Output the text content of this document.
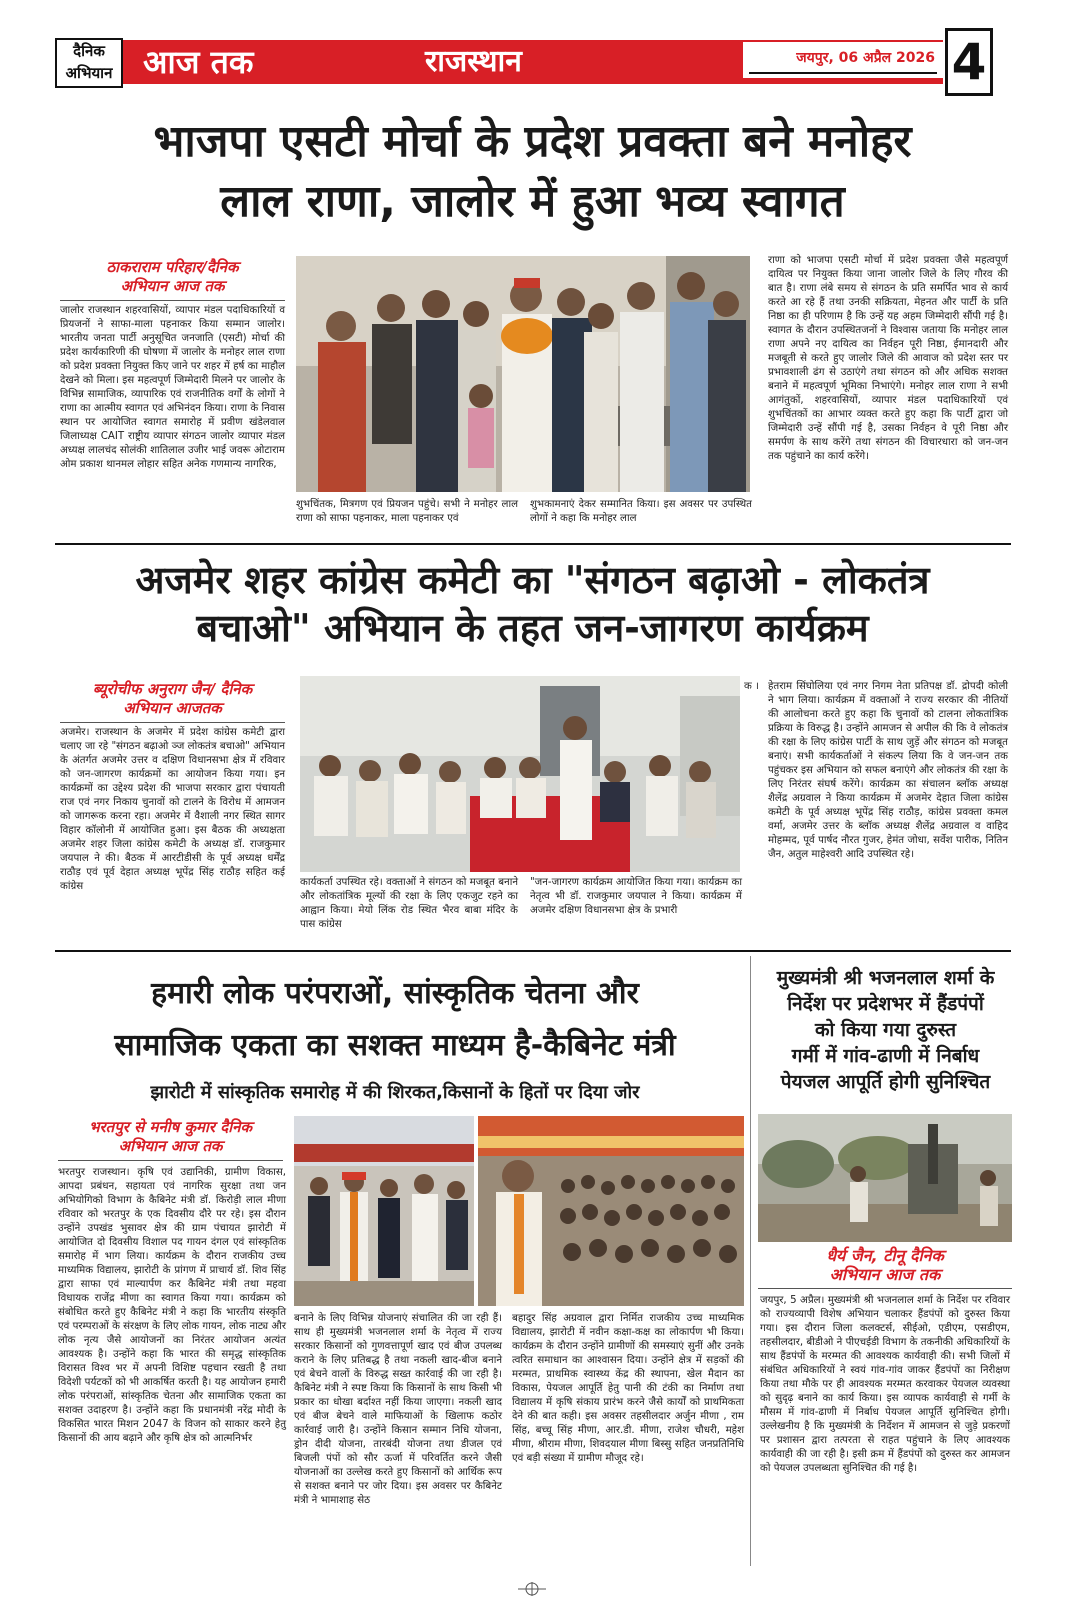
दैनिक
अभियान आज तक	राजस्थान	जयपुर, 06 अप्रैल 2026 4
भाजपा एसटी मोर्चा के प्रदेश प्रवक्ता बने मनोहर
लाल राणा, जालोर में हुआ भव्य स्वागत
ठाकराराम परिहार/दैनिक
अभियान आज तक
जालोर राजस्थान शहरवासियों, व्यापार मंडल पदाधिकारियों व प्रियजनों ने साफा-माला पहनाकर किया सम्मान जालोर। भारतीय जनता पार्टी अनुसूचित जनजाति (एसटी) मोर्चा की प्रदेश कार्यकारिणी की घोषणा में जालोर के मनोहर लाल राणा को प्रदेश प्रवक्ता नियुक्त किए जाने पर शहर में हर्ष का माहौल देखने को मिला। इस महत्वपूर्ण जिम्मेदारी मिलने पर जालोर के विभिन्न सामाजिक, व्यापारिक एवं राजनीतिक वर्गों के लोगों ने राणा का आत्मीय स्वागत एवं अभिनंदन किया। राणा के निवास स्थान पर आयोजित स्वागत समारोह में प्रवीण खंडेलवाल जिलाध्यक्ष CAIT राष्ट्रीय व्यापार संगठन जालोर व्यापार मंडल अध्यक्ष लालचंद सोलंकी शातिलाल उजीर भाई जवरू ओटाराम ओम प्रकाश थानमल लोहार सहित अनेक गणमान्य नागरिक,
शुभचिंतक, मित्रगण एवं प्रियजन पहुंचे। सभी ने मनोहर लाल राणा को साफा पहनाकर, माला पहनाकर एवं
शुभकामनाएं देकर सम्मानित किया। इस अवसर पर उपस्थित लोगों ने कहा कि मनोहर लाल
राणा को भाजपा एसटी मोर्चा में प्रदेश प्रवक्ता जैसे महत्वपूर्ण दायित्व पर नियुक्त किया जाना जालोर जिले के लिए गौरव की बात है। राणा लंबे समय से संगठन के प्रति समर्पित भाव से कार्य करते आ रहे हैं तथा उनकी सक्रियता, मेहनत और पार्टी के प्रति निष्ठा का ही परिणाम है कि उन्हें यह अहम जिम्मेदारी सौंपी गई है। स्वागत के दौरान उपस्थितजनों ने विश्वास जताया कि मनोहर लाल राणा अपने नए दायित्व का निर्वहन पूरी निष्ठा, ईमानदारी और मजबूती से करते हुए जालोर जिले की आवाज को प्रदेश स्तर पर प्रभावशाली ढंग से उठाएंगे तथा संगठन को और अधिक सशक्त बनाने में महत्वपूर्ण भूमिका निभाएंगे। मनोहर लाल राणा ने सभी आगंतुकों, शहरवासियों, व्यापार मंडल पदाधिकारियों एवं शुभचिंतकों का आभार व्यक्त करते हुए कहा कि पार्टी द्वारा जो जिम्मेदारी उन्हें सौंपी गई है, उसका निर्वहन वे पूरी निष्ठा और समर्पण के साथ करेंगे तथा संगठन की विचारधारा को जन-जन तक पहुंचाने का कार्य करेंगे।
अजमेर शहर कांग्रेस कमेटी का "संगठन बढ़ाओ - लोकतंत्र
बचाओ" अभियान के तहत जन-जागरण कार्यक्रम
ब्यूरोचीफ अनुराग जैन/ दैनिक
अभियान आजतक
अजमेर। राजस्थान के अजमेर में प्रदेश कांग्रेस कमेटी द्वारा चलाए जा रहे "संगठन बढ़ाओ ञ्ज लोकतंत्र बचाओ" अभियान के अंतर्गत अजमेर उत्तर व दक्षिण विधानसभा क्षेत्र में रविवार को जन-जागरण कार्यक्रमों का आयोजन किया गया। इन कार्यक्रमों का उद्देश्य प्रदेश की भाजपा सरकार द्वारा पंचायती राज एवं नगर निकाय चुनावों को टालने के विरोध में आमजन को जागरूक करना रहा। अजमेर में वैशाली नगर स्थित सागर विहार कॉलोनी में आयोजित हुआ। इस बैठक की अध्यक्षता अजमेर शहर जिला कांग्रेस कमेटी के अध्यक्ष डॉ. राजकुमार जयपाल ने की। बैठक में आरटीडीसी के पूर्व अध्यक्ष धर्मेंद्र राठौड़ एवं पूर्व देहात अध्यक्ष भूपेंद्र सिंह राठौड़ सहित कई कांग्रेस	कार्यकर्ता उपस्थित रहे। वक्ताओं ने संगठन को मजबूत बनाने और लोकतांत्रिक मूल्यों की रक्षा के लिए एकजुट रहने का आह्वान किया। मेयो लिंक रोड स्थित भैरव बाबा मंदिर के पास कांग्रेस
"जन-जागरण कार्यक्रम आयोजित किया गया। कार्यक्रम का नेतृत्व भी डॉ. राजकुमार जयपाल ने किया। कार्यक्रम में अजमेर दक्षिण विधानसभा क्षेत्र के प्रभारी
क । हेतराम सिंघोलिया एवं नगर निगम नेता प्रतिपक्ष डॉ. द्रोपदी कोली ने भाग लिया। कार्यक्रम में वक्ताओं ने राज्य सरकार की नीतियों की आलोचना करते हुए कहा कि चुनावों को टालना लोकतांत्रिक प्रक्रिया के विरुद्ध है। उन्होंने आमजन से अपील की कि वे लोकतंत्र की रक्षा के लिए कांग्रेस पार्टी के साथ जुड़ें और संगठन को मजबूत बनाएं। सभी कार्यकर्ताओं ने संकल्प लिया कि वे जन-जन तक पहुंचकर इस अभियान को सफल बनाएंगे और लोकतंत्र की रक्षा के लिए निरंतर संघर्ष करेंगे। कार्यक्रम का संचालन ब्लॉक अध्यक्ष शैलेंद्र अग्रवाल ने किया कार्यक्रम में अजमेर देहात जिला कांग्रेस कमेटी के पूर्व अध्यक्ष भूपेंद्र सिंह राठौड़, कांग्रेस प्रवक्ता कमल वर्मा, अजमेर उत्तर के ब्लॉक अध्यक्ष शैलेंद्र अग्रवाल व वाहिद मोहम्मद, पूर्व पार्षद नौरत गुजर, हेमंत जोधा, सर्वेश पारीक, नितिन जैन, अतुल माहेश्वरी आदि उपस्थित रहे।
हमारी लोक परंपराओं, सांस्कृतिक चेतना और
सामाजिक एकता का सशक्त माध्यम है-कैबिनेट मंत्री
झारोटी में सांस्कृतिक समारोह में की शिरकत,किसानों के हितों पर दिया जोर
भरतपुर से मनीष कुमार दैनिक
अभियान आज तक
भरतपुर राजस्थान। कृषि एवं उद्यानिकी, ग्रामीण विकास, आपदा प्रबंधन, सहायता एवं नागरिक सुरक्षा तथा जन अभियोगिको विभाग के कैबिनेट मंत्री डॉ. किरोड़ी लाल मीणा रविवार को भरतपुर के एक दिवसीय दौरे पर रहे। इस दौरान उन्होंने उपखंड भुसावर क्षेत्र की ग्राम पंचायत झारोटी में आयोजित दो दिवसीय विशाल पद गायन दंगल एवं सांस्कृतिक समारोह में भाग लिया। कार्यक्रम के दौरान राजकीय उच्च माध्यमिक विद्यालय, झारोटी के प्रांगण में प्राचार्य डॉ. शिव सिंह द्वारा साफा एवं माल्यार्पण कर कैबिनेट मंत्री तथा महवा विधायक राजेंद्र मीणा का स्वागत किया गया। कार्यक्रम को संबोधित करते हुए कैबिनेट मंत्री ने कहा कि भारतीय संस्कृति एवं परम्पराओं के संरक्षण के लिए लोक गायन, लोक नाट्य और लोक नृत्य जैसे आयोजनों का निरंतर आयोजन अत्यंत आवश्यक है। उन्होंने कहा कि भारत की समृद्ध सांस्कृतिक विरासत विश्व भर में अपनी विशिष्ट पहचान रखती है तथा विदेशी पर्यटकों को भी आकर्षित करती है। यह आयोजन हमारी लोक परंपराओं, सांस्कृतिक चेतना और सामाजिक एकता का सशक्त उदाहरण है। उन्होंने कहा कि प्रधानमंत्री नरेंद्र मोदी के विकसित भारत मिशन 2047 के विजन को साकार करने हेतु किसानों की आय बढ़ाने और कृषि क्षेत्र को आत्मनिर्भर
बनाने के लिए विभिन्न योजनाएं संचालित की जा रही हैं। साथ ही मुख्यमंत्री भजनलाल शर्मा के नेतृत्व में राज्य सरकार किसानों को गुणवत्तापूर्ण खाद एवं बीज उपलब्ध कराने के लिए प्रतिबद्ध है तथा नकली खाद-बीज बनाने एवं बेचने वालों के विरुद्ध सख्त कार्रवाई की जा रही है। कैबिनेट मंत्री ने स्पष्ट किया कि किसानों के साथ किसी भी प्रकार का धोखा बर्दाश्त नहीं किया जाएगा। नकली खाद एवं बीज बेचने वाले माफियाओं के खिलाफ कठोर कार्रवाई जारी है। उन्होंने किसान सम्मान निधि योजना, ड्रोन दीदी योजना, तारबंदी योजना तथा डीजल एवं बिजली पंपों को सौर ऊर्जा में परिवर्तित करने जैसी योजनाओं का उल्लेख करते हुए किसानों को आर्थिक रूप से सशक्त बनाने पर जोर दिया। इस अवसर पर कैबिनेट मंत्री ने भामाशाह सेठ
बहादुर सिंह अग्रवाल द्वारा निर्मित राजकीय उच्च माध्यमिक विद्यालय, झारोटी में नवीन कक्षा-कक्ष का लोकार्पण भी किया। कार्यक्रम के दौरान उन्होंने ग्रामीणों की समस्याएं सुनीं और उनके त्वरित समाधान का आश्वासन दिया। उन्होंने क्षेत्र में सड़कों की मरम्मत, प्राथमिक स्वास्थ्य केंद्र की स्थापना, खेल मैदान का विकास, पेयजल आपूर्ति हेतु पानी की टंकी का निर्माण तथा विद्यालय में कृषि संकाय प्रारंभ करने जैसे कार्यों को प्राथमिकता देने की बात कही। इस अवसर तहसीलदार अर्जुन मीणा , राम सिंह, बच्चू सिंह मीणा, आर.डी. मीणा, राजेश चौधरी, महेश मीणा, श्रीराम मीणा, शिवदयाल मीणा बिस्सु सहित जनप्रतिनिधि एवं बड़ी संख्या में ग्रामीण मौजूद रहे।
मुख्यमंत्री श्री भजनलाल शर्मा के
निर्देश पर प्रदेशभर में हैंडपंपों
को किया गया दुरुस्त
गर्मी में गांव-ढाणी में निर्बाध
पेयजल आपूर्ति होगी सुनिश्चित
धैर्य जैन, टीनू दैनिक
अभियान आज तक
जयपुर, 5 अप्रैल। मुख्यमंत्री श्री भजनलाल शर्मा के निर्देश पर रविवार को राज्यव्यापी विशेष अभियान चलाकर हैंडपंपों को दुरुस्त किया गया। इस दौरान जिला कलक्टर्स, सीईओ, एडीएम, एसडीएम, तहसीलदार, बीडीओ ने पीएचईडी विभाग के तकनीकी अधिकारियों के साथ हैंडपंपों के मरम्मत की आवश्यक कार्यवाही की। सभी जिलों में संबंधित अधिकारियों ने स्वयं गांव-गांव जाकर हैंडपंपों का निरीक्षण किया तथा मौके पर ही आवश्यक मरम्मत करवाकर पेयजल व्यवस्था को सुदृढ़ बनाने का कार्य किया। इस व्यापक कार्यवाही से गर्मी के मौसम में गांव-ढाणी में निर्बाध पेयजल आपूर्ति सुनिश्चित होगी। उल्लेखनीय है कि मुख्यमंत्री के निर्देशन में आमजन से जुड़े प्रकरणों पर प्रशासन द्वारा तत्परता से राहत पहुंचाने के लिए आवश्यक कार्यवाही की जा रही है। इसी क्रम में हैंडपंपों को दुरुस्त कर आमजन को पेयजल उपलब्धता सुनिश्चित की गई है।
